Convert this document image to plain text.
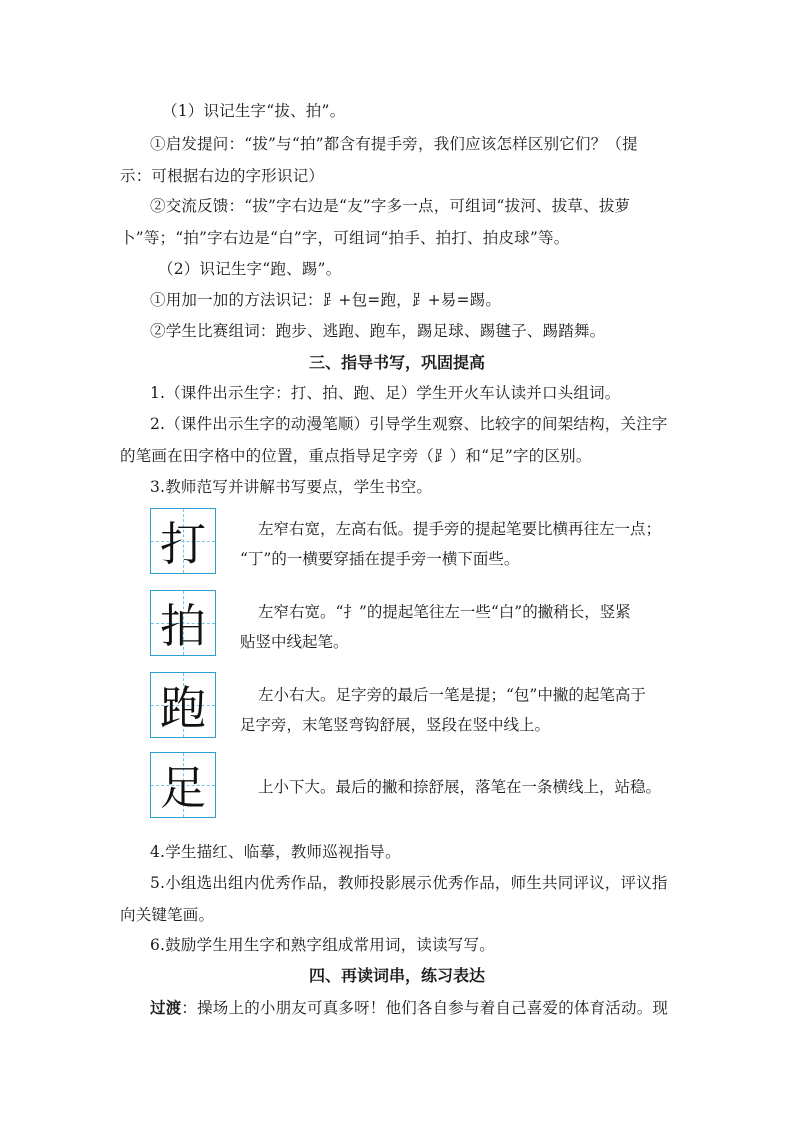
（1）识记生字“拔、拍”。
①启发提问：“拔”与“拍”都含有提手旁，我们应该怎样区别它们？（提
示：可根据右边的字形识记）
②交流反馈：“拔”字右边是“友”字多一点，可组词“拔河、拔草、拔萝
卜”等；“拍”字右边是“白”字，可组词“拍手、拍打、拍皮球”等。
（2）识记生字“跑、踢”。
①用加一加的方法识记：⻊+包=跑，⻊+易=踢。
②学生比赛组词：跑步、逃跑、跑车，踢足球、踢毽子、踢踏舞。
三、指导书写，巩固提高
1.（课件出示生字：打、拍、跑、足）学生开火车认读并口头组词。
2.（课件出示生字的动漫笔顺）引导学生观察、比较字的间架结构，关注字
的笔画在田字格中的位置，重点指导足字旁（⻊）和“足”字的区别。
3.教师范写并讲解书写要点，学生书空。
打	左窄右宽，左高右低。提手旁的提起笔要比横再往左一点；
“丁”的一横要穿插在提手旁一横下面些。
拍	左窄右宽。“扌”的提起笔往左一些“白”的撇稍长，竖紧
贴竖中线起笔。
跑	左小右大。足字旁的最后一笔是提；“包”中撇的起笔高于
足字旁，末笔竖弯钩舒展，竖段在竖中线上。
足	上小下大。最后的撇和捺舒展，落笔在一条横线上，站稳。
4.学生描红、临摹，教师巡视指导。
5.小组选出组内优秀作品，教师投影展示优秀作品，师生共同评议，评议指
向关键笔画。
6.鼓励学生用生字和熟字组成常用词，读读写写。
四、再读词串，练习表达
过渡：操场上的小朋友可真多呀！他们各自参与着自己喜爱的体育活动。现
